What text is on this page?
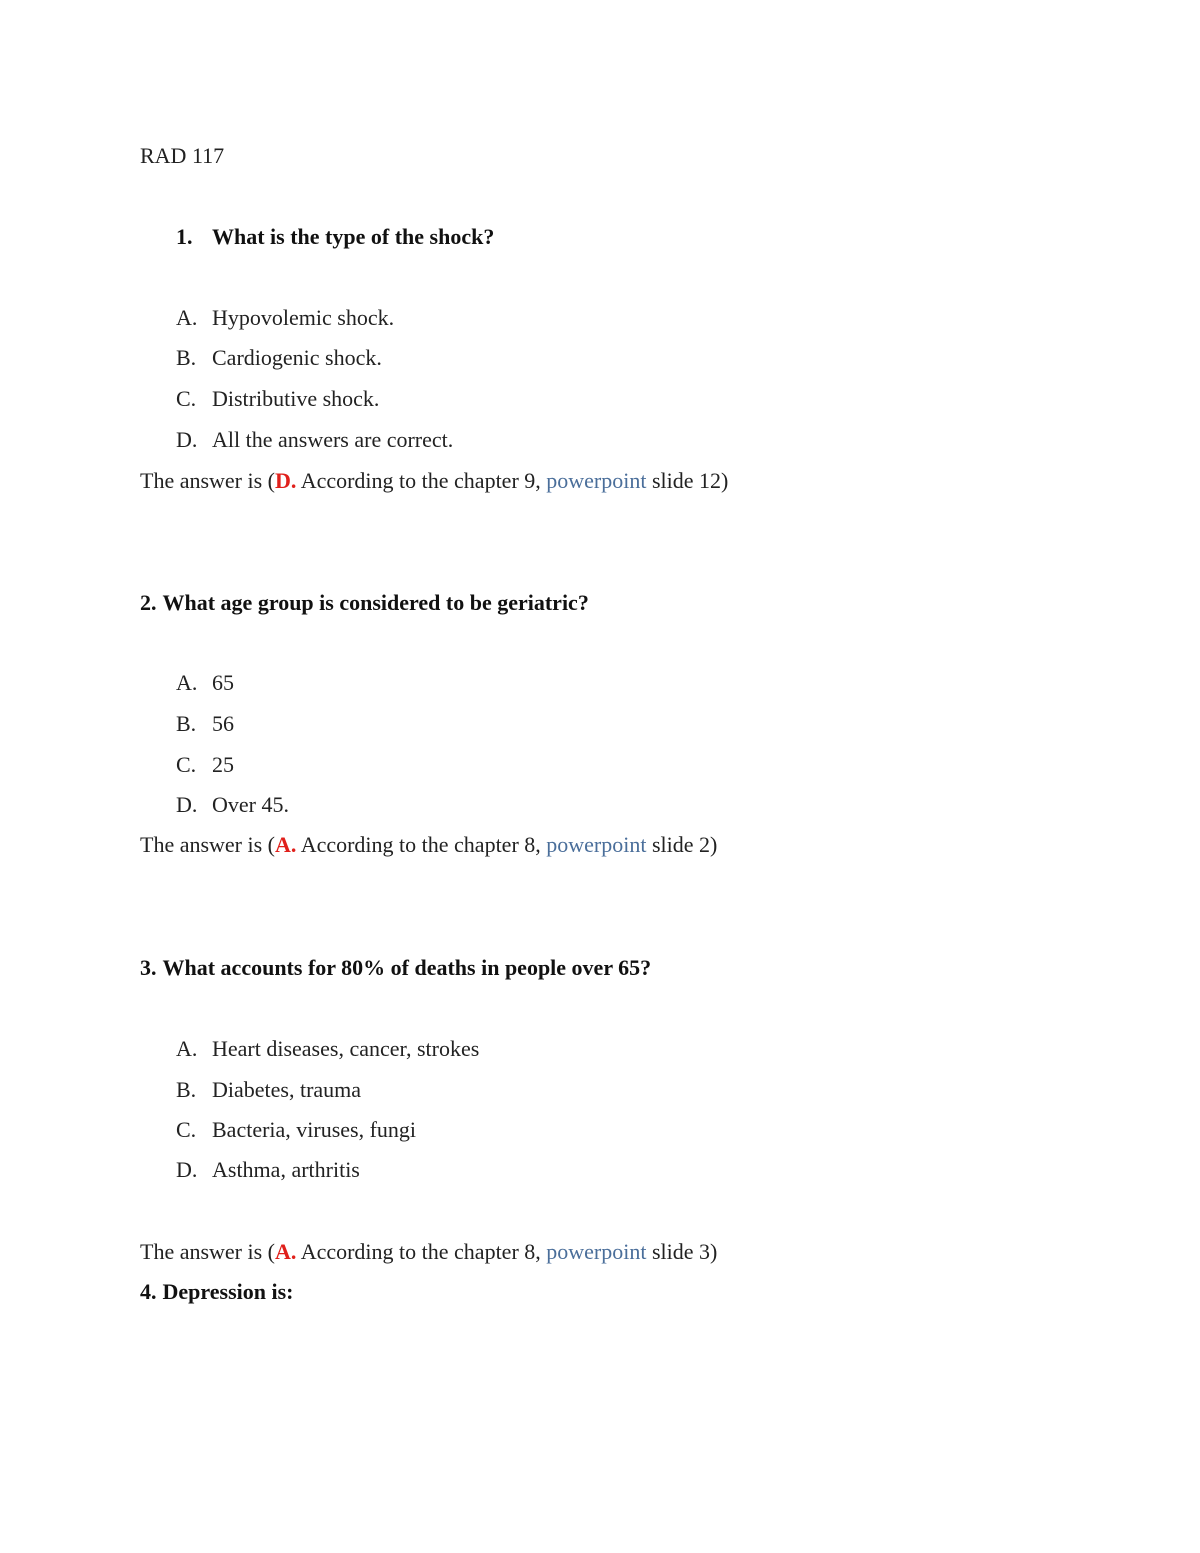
RAD 117
1. What is the type of the shock?
A. Hypovolemic shock.
B. Cardiogenic shock.
C. Distributive shock.
D. All the answers are correct.
The answer is (D. According to the chapter 9, powerpoint slide 12)
2. What age group is considered to be geriatric?
A. 65
B. 56
C. 25
D. Over 45.
The answer is (A. According to the chapter 8, powerpoint slide 2)
3. What accounts for 80% of deaths in people over 65?
A. Heart diseases, cancer, strokes
B. Diabetes, trauma
C. Bacteria, viruses, fungi
D. Asthma, arthritis
The answer is (A. According to the chapter 8, powerpoint slide 3)
4. Depression is:
